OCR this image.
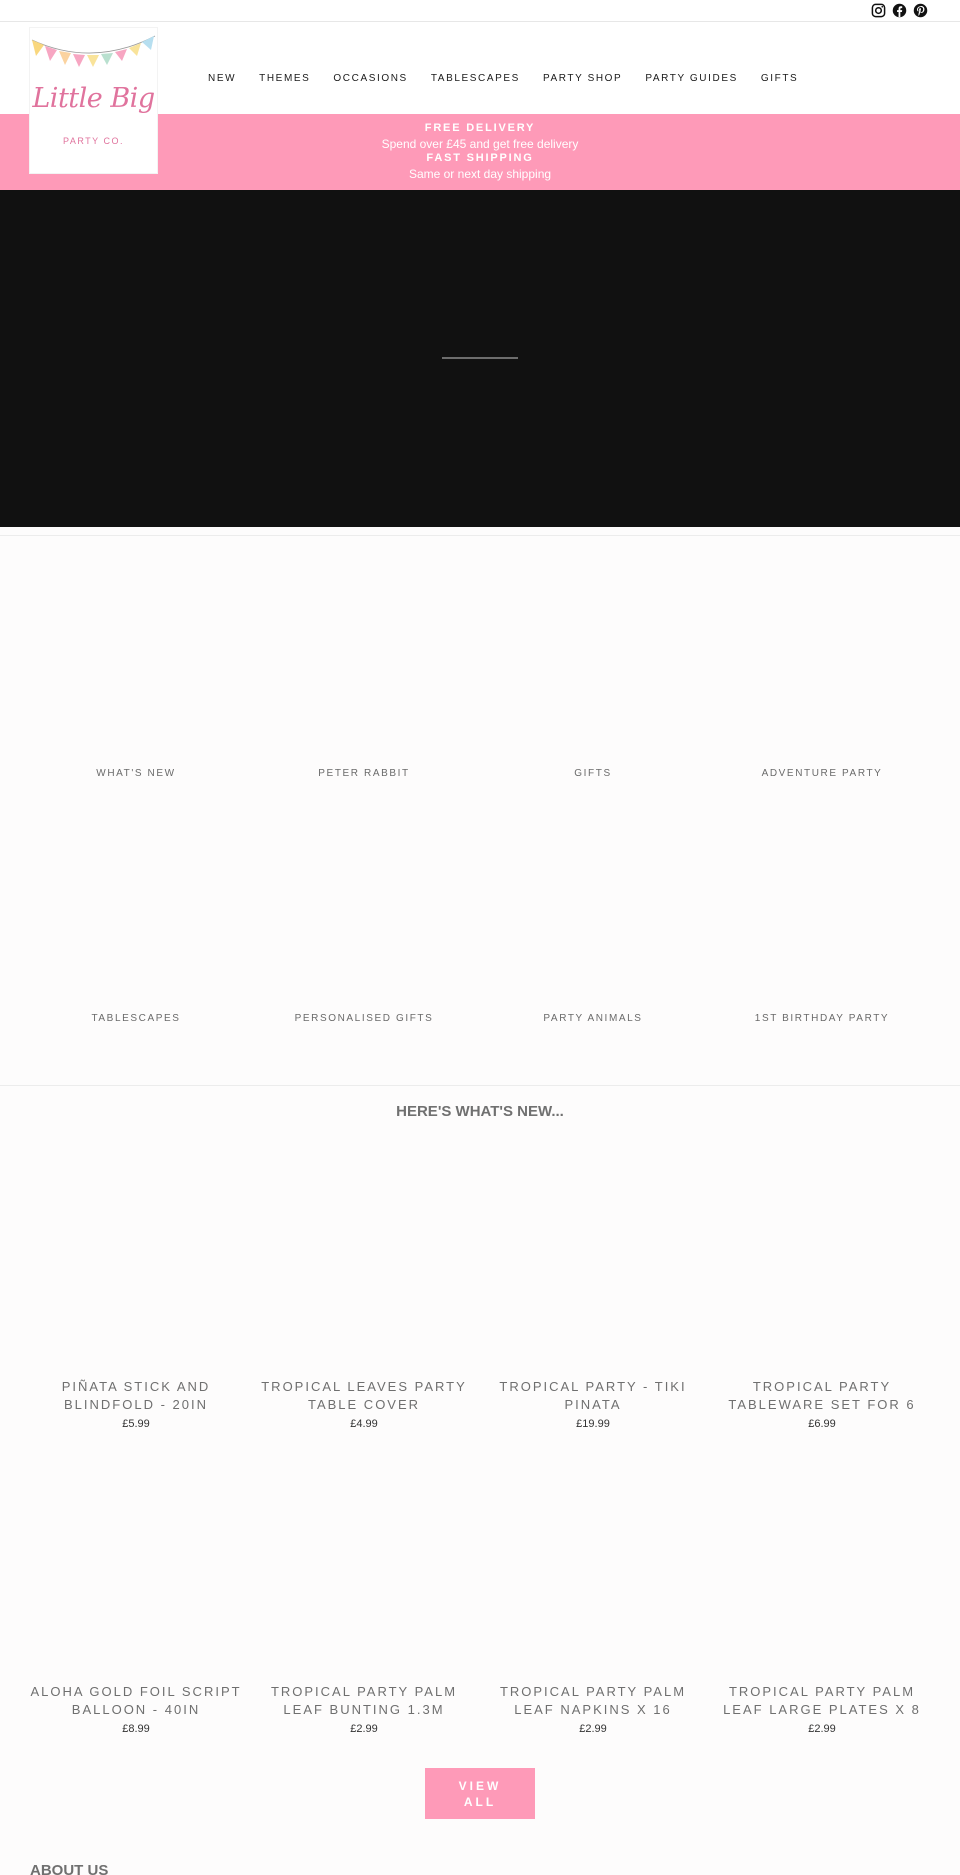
NEW THEMES OCCASIONS TABLESCAPES PARTY SHOP PARTY GUIDES GIFTS
Little Big
PARTY CO.
FREE DELIVERY
Spend over £45 and get free delivery
FAST SHIPPING
Same or next day shipping
WHAT'S NEW	PETER RABBIT	GIFTS	ADVENTURE PARTY
TABLESCAPES	PERSONALISED GIFTS	PARTY ANIMALS	1ST BIRTHDAY PARTY
HERE'S WHAT'S NEW...
PIÑATA STICK AND
BLINDFOLD - 20IN
£5.99
TROPICAL LEAVES PARTY
TABLE COVER
£4.99
TROPICAL PARTY - TIKI
PINATA
£19.99
TROPICAL PARTY
TABLEWARE SET FOR 6
£6.99
ALOHA GOLD FOIL SCRIPT
BALLOON - 40IN
£8.99
TROPICAL PARTY PALM
LEAF BUNTING 1.3M
£2.99
TROPICAL PARTY PALM
LEAF NAPKINS X 16
£2.99
TROPICAL PARTY PALM
LEAF LARGE PLATES X 8
£2.99
VIEW
ALL
ABOUT US
